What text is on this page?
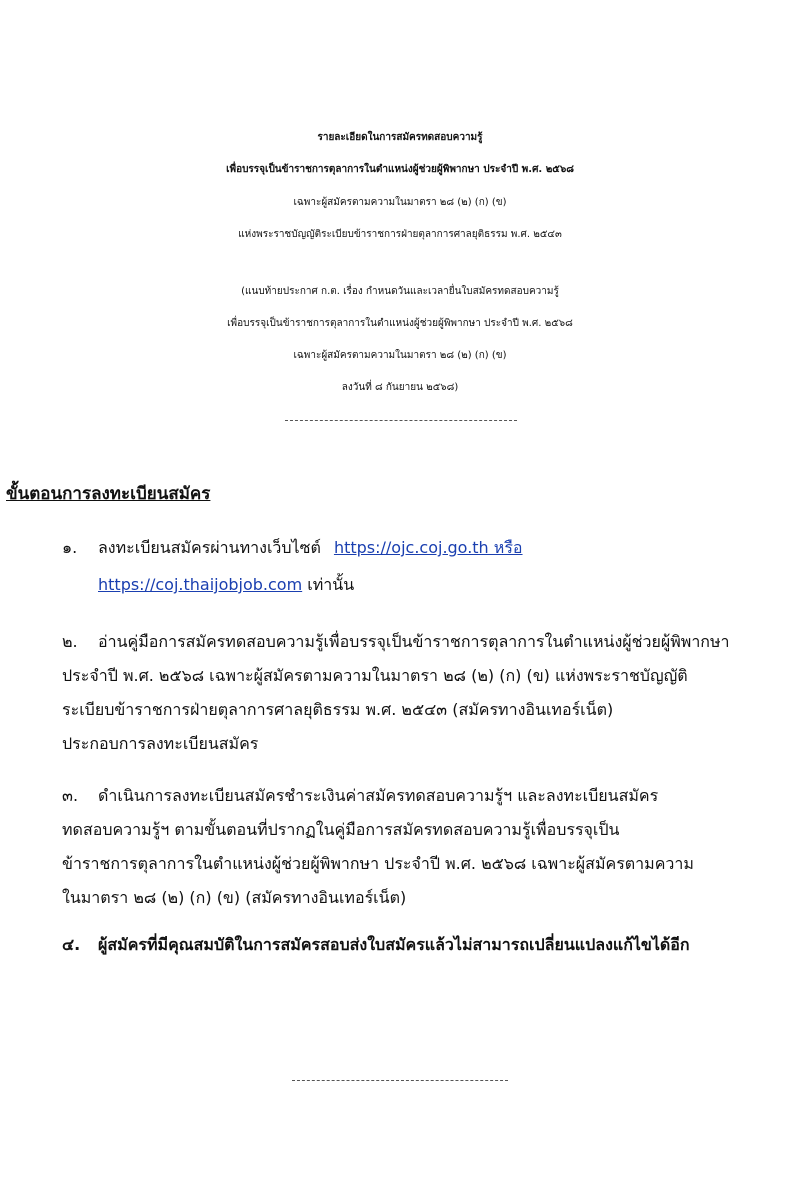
รายละเอียดในการสมัครทดสอบความรู้
เพื่อบรรจุเป็นข้าราชการตุลาการในตำแหน่งผู้ช่วยผู้พิพากษา ประจำปี พ.ศ. ๒๕๖๘
เฉพาะผู้สมัครตามความในมาตรา ๒๘ (๒) (ก) (ข)
แห่งพระราชบัญญัติระเบียบข้าราชการฝ่ายตุลาการศาลยุติธรรม พ.ศ. ๒๕๔๓
(แนบท้ายประกาศ ก.ต. เรื่อง กำหนดวันและเวลายื่นใบสมัครทดสอบความรู้
เพื่อบรรจุเป็นข้าราชการตุลาการในตำแหน่งผู้ช่วยผู้พิพากษา ประจำปี พ.ศ. ๒๕๖๘
เฉพาะผู้สมัครตามความในมาตรา ๒๘ (๒) (ก) (ข)
ลงวันที่ ๘ กันยายน ๒๕๖๘)
ขั้นตอนการลงทะเบียนสมัคร
๑. ลงทะเบียนสมัครผ่านทางเว็บไซต์ https://ojc.coj.go.th หรือ
https://coj.thaijobjob.com เท่านั้น
๒. อ่านคู่มือการสมัครทดสอบความรู้เพื่อบรรจุเป็นข้าราชการตุลาการในตำแหน่งผู้ช่วยผู้พิพากษา
ประจำปี พ.ศ. ๒๕๖๘ เฉพาะผู้สมัครตามความในมาตรา ๒๘ (๒) (ก) (ข) แห่งพระราชบัญญัติ
ระเบียบข้าราชการฝ่ายตุลาการศาลยุติธรรม พ.ศ. ๒๕๔๓ (สมัครทางอินเทอร์เน็ต)
ประกอบการลงทะเบียนสมัคร
๓. ดำเนินการลงทะเบียนสมัครชำระเงินค่าสมัครทดสอบความรู้ฯ และลงทะเบียนสมัคร
ทดสอบความรู้ฯ ตามขั้นตอนที่ปรากฏในคู่มือการสมัครทดสอบความรู้เพื่อบรรจุเป็น
ข้าราชการตุลาการในตำแหน่งผู้ช่วยผู้พิพากษา ประจำปี พ.ศ. ๒๕๖๘ เฉพาะผู้สมัครตามความ
ในมาตรา ๒๘ (๒) (ก) (ข) (สมัครทางอินเทอร์เน็ต)
๔. ผู้สมัครที่มีคุณสมบัติในการสมัครสอบส่งใบสมัครแล้วไม่สามารถเปลี่ยนแปลงแก้ไขได้อีก
